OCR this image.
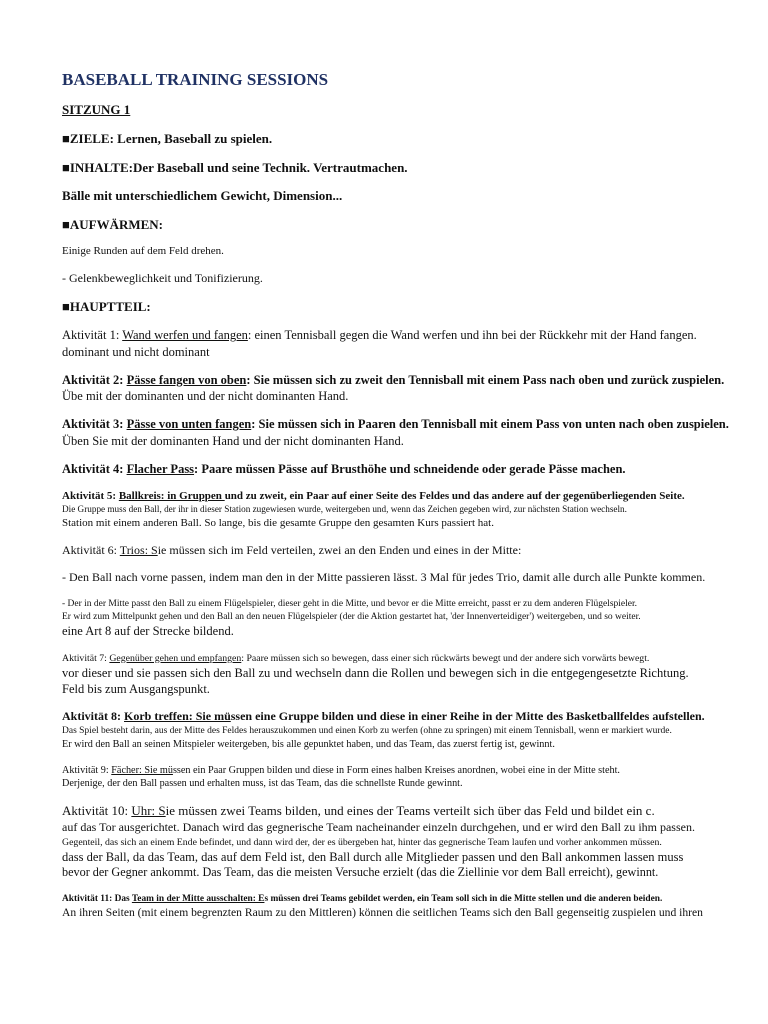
BASEBALL TRAINING SESSIONS
SITZUNG 1
■ZIELE: Lernen, Baseball zu spielen.
■INHALTE:Der Baseball und seine Technik. Vertrautmachen.
Bälle mit unterschiedlichem Gewicht, Dimension...
■AUFWÄRMEN:
Einige Runden auf dem Feld drehen.
- Gelenkbeweglichkeit und Tonifizierung.
■HAUPTTEIL:

Aktivität 1: Wand werfen und fangen: einen Tennisball gegen die Wand werfen und ihn bei der Rückkehr mit der Hand fangen.

dominant und nicht dominant

Aktivität 2: Pässe fangen von oben: Sie müssen sich zu zweit den Tennisball mit einem Pass nach oben und zurück zuspielen.

Übe mit der dominanten und der nicht dominanten Hand.

Aktivität 3: Pässe von unten fangen: Sie müssen sich in Paaren den Tennisball mit einem Pass von unten nach oben zuspielen.

Üben Sie mit der dominanten Hand und der nicht dominanten Hand.

Aktivität 4: Flacher Pass: Paare müssen Pässe auf Brusthöhe und schneidende oder gerade Pässe machen.

Aktivität 5: Ballkreis: in Gruppen und zu zweit, ein Paar auf einer Seite des Feldes und das andere auf der gegenüberliegenden Seite.

Die Gruppe muss den Ball, der ihr in dieser Station zugewiesen wurde, weitergeben und, wenn das Zeichen gegeben wird, zur nächsten Station wechseln.

Station mit einem anderen Ball. So lange, bis die gesamte Gruppe den gesamten Kurs passiert hat.

Aktivität 6: Trios: Sie müssen sich im Feld verteilen, zwei an den Enden und eines in der Mitte:

- Den Ball nach vorne passen, indem man den in der Mitte passieren lässt. 3 Mal für jedes Trio, damit alle durch alle Punkte kommen.

- Der in der Mitte passt den Ball zu einem Flügelspieler, dieser geht in die Mitte, und bevor er die Mitte erreicht, passt er zu dem anderen Flügelspieler.

Er wird zum Mittelpunkt gehen und den Ball an den neuen Flügelspieler (der die Aktion gestartet hat, 'der Innenverteidiger') weitergeben, und so weiter.

eine Art 8 auf der Strecke bildend.

Aktivität 7: Gegenüber gehen und empfangen: Paare müssen sich so bewegen, dass einer sich rückwärts bewegt und der andere sich vorwärts bewegt.

vor dieser und sie passen sich den Ball zu und wechseln dann die Rollen und bewegen sich in die entgegengesetzte Richtung.

Feld bis zum Ausgangspunkt.

Aktivität 8: Korb treffen: Sie müssen eine Gruppe bilden und diese in einer Reihe in der Mitte des Basketballfeldes aufstellen.

Das Spiel besteht darin, aus der Mitte des Feldes herauszukommen und einen Korb zu werfen (ohne zu springen) mit einem Tennisball, wenn er markiert wurde.

Er wird den Ball an seinen Mitspieler weitergeben, bis alle gepunktet haben, und das Team, das zuerst fertig ist, gewinnt.

Aktivität 9: Fächer: Sie müssen ein Paar Gruppen bilden und diese in Form eines halben Kreises anordnen, wobei eine in der Mitte steht.

Derjenige, der den Ball passen und erhalten muss, ist das Team, das die schnellste Runde gewinnt.

Aktivität 10: Uhr: Sie müssen zwei Teams bilden, und eines der Teams verteilt sich über das Feld und bildet ein c.

auf das Tor ausgerichtet. Danach wird das gegnerische Team nacheinander einzeln durchgehen, und er wird den Ball zu ihm passen.

Gegenteil, das sich an einem Ende befindet, und dann wird der, der es übergeben hat, hinter das gegnerische Team laufen und vorher ankommen müssen.

dass der Ball, da das Team, das auf dem Feld ist, den Ball durch alle Mitglieder passen und den Ball ankommen lassen muss

bevor der Gegner ankommt. Das Team, das die meisten Versuche erzielt (das die Ziellinie vor dem Ball erreicht), gewinnt.

Aktivität 11: Das Team in der Mitte ausschalten: Es müssen drei Teams gebildet werden, ein Team soll sich in die Mitte stellen und die anderen beiden.

An ihren Seiten (mit einem begrenzten Raum zu den Mittleren) können die seitlichen Teams sich den Ball gegenseitig zuspielen und ihren
